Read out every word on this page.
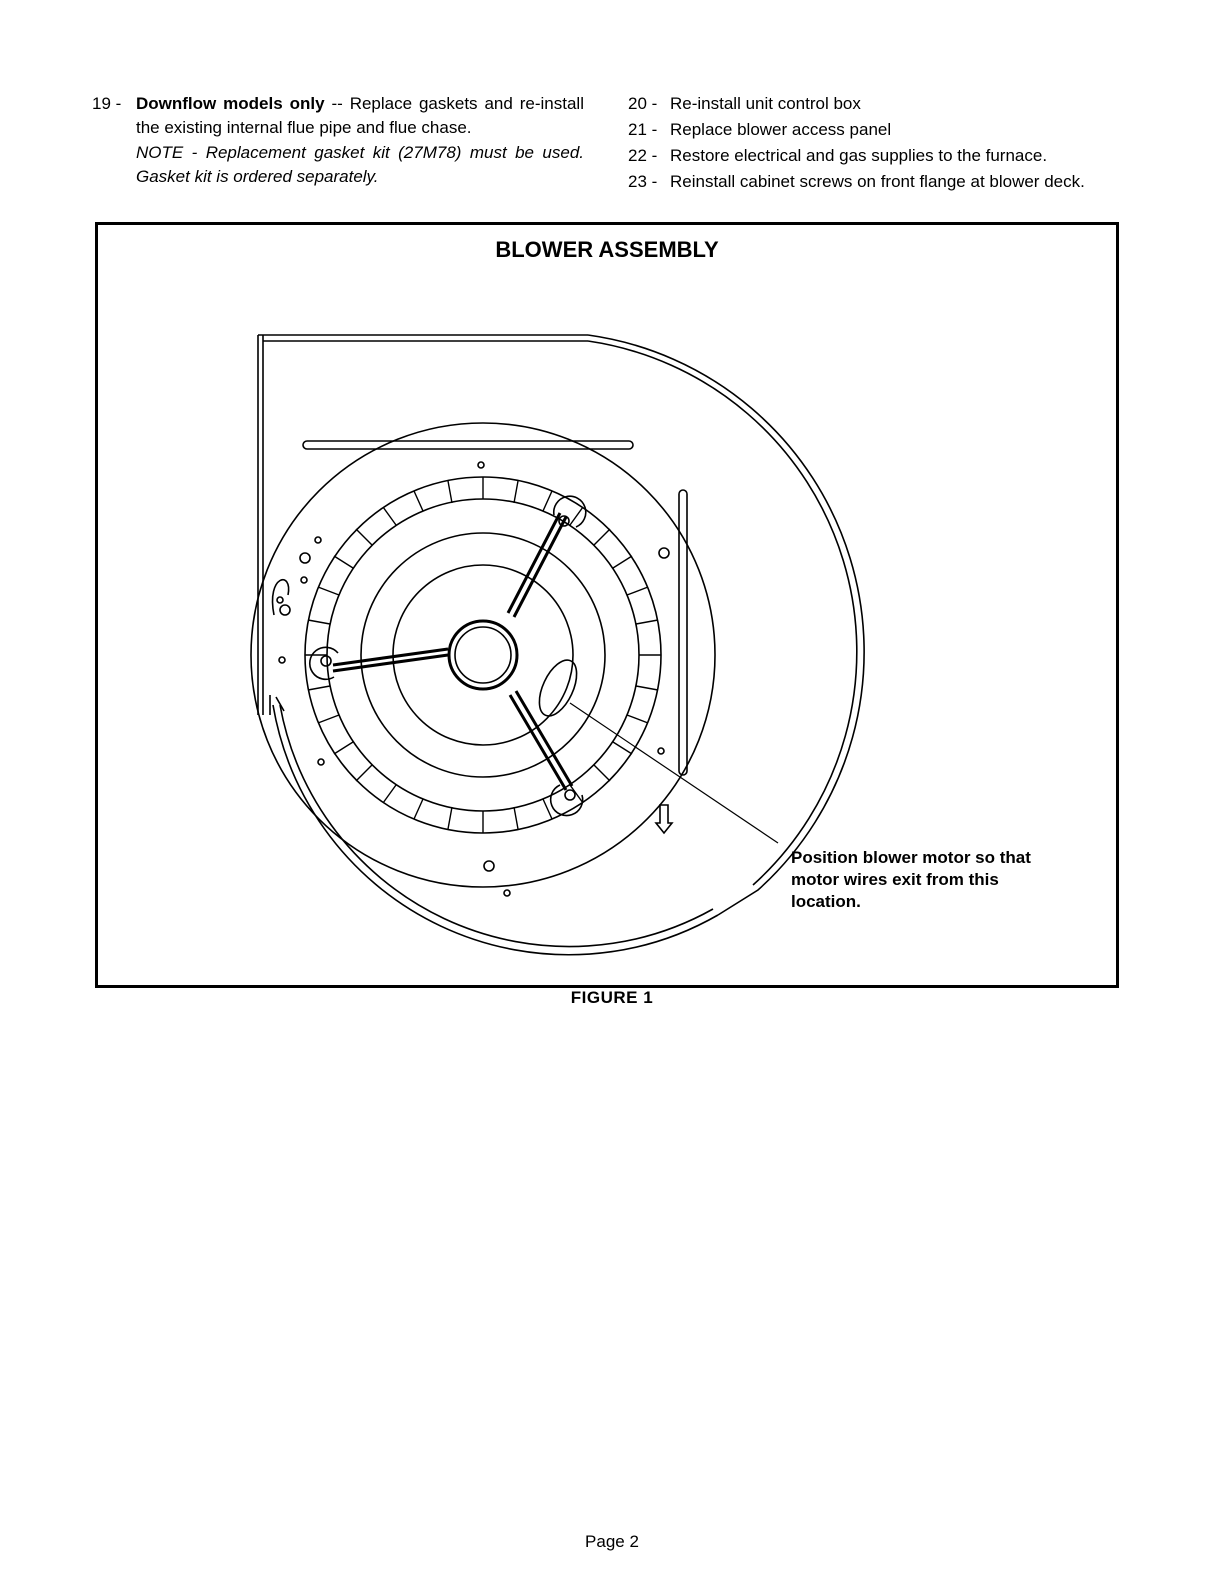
19 - Downflow models only -- Replace gaskets and re-install the existing internal flue pipe and flue chase.
NOTE - Replacement gasket kit (27M78) must be used. Gasket kit is ordered separately.
20 - Re-install unit control box
21 - Replace blower access panel
22 - Restore electrical and gas supplies to the furnace.
23 - Reinstall cabinet screws on front flange at blower deck.
BLOWER ASSEMBLY
Position blower motor so that motor wires exit from this location.
FIGURE 1
Page 2
